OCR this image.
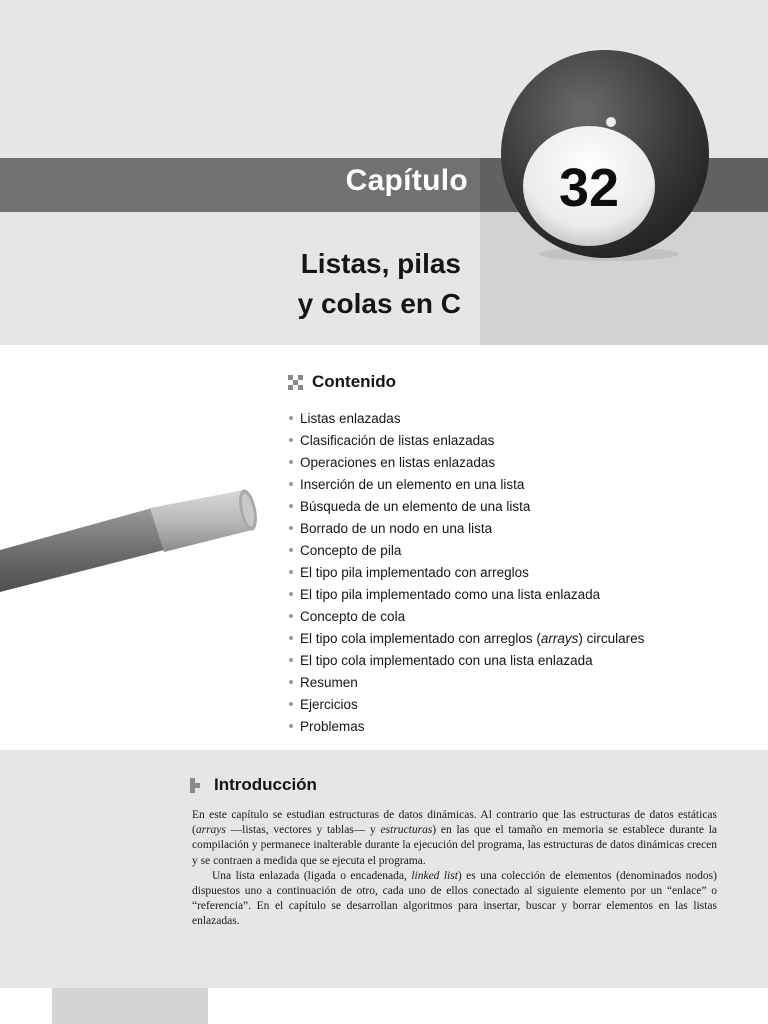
Capítulo 32
Listas, pilas
y colas en C
Contenido
Listas enlazadas
Clasificación de listas enlazadas
Operaciones en listas enlazadas
Inserción de un elemento en una lista
Búsqueda de un elemento de una lista
Borrado de un nodo en una lista
Concepto de pila
El tipo pila implementado con arreglos
El tipo pila implementado como una lista enlazada
Concepto de cola
El tipo cola implementado con arreglos (arrays) circulares
El tipo cola implementado con una lista enlazada
Resumen
Ejercicios
Problemas
Introducción

En este capítulo se estudian estructuras de datos dinámicas. Al contrario que las estructuras de datos estáticas (arrays —listas, vectores y tablas— y estructuras) en las que el tamaño en memoria se establece durante la compilación y permanece inalterable durante la ejecución del programa, las estructuras de datos dinámicas crecen y se contraen a medida que se ejecuta el programa.

Una lista enlazada (ligada o encadenada, linked list) es una colección de elementos (denominados nodos) dispuestos uno a continuación de otro, cada uno de ellos conectado al siguiente elemento por un “enlace” o “referencia”. En el capítulo se desarrollan algoritmos para insertar, buscar y borrar elementos en las listas enlazadas.
